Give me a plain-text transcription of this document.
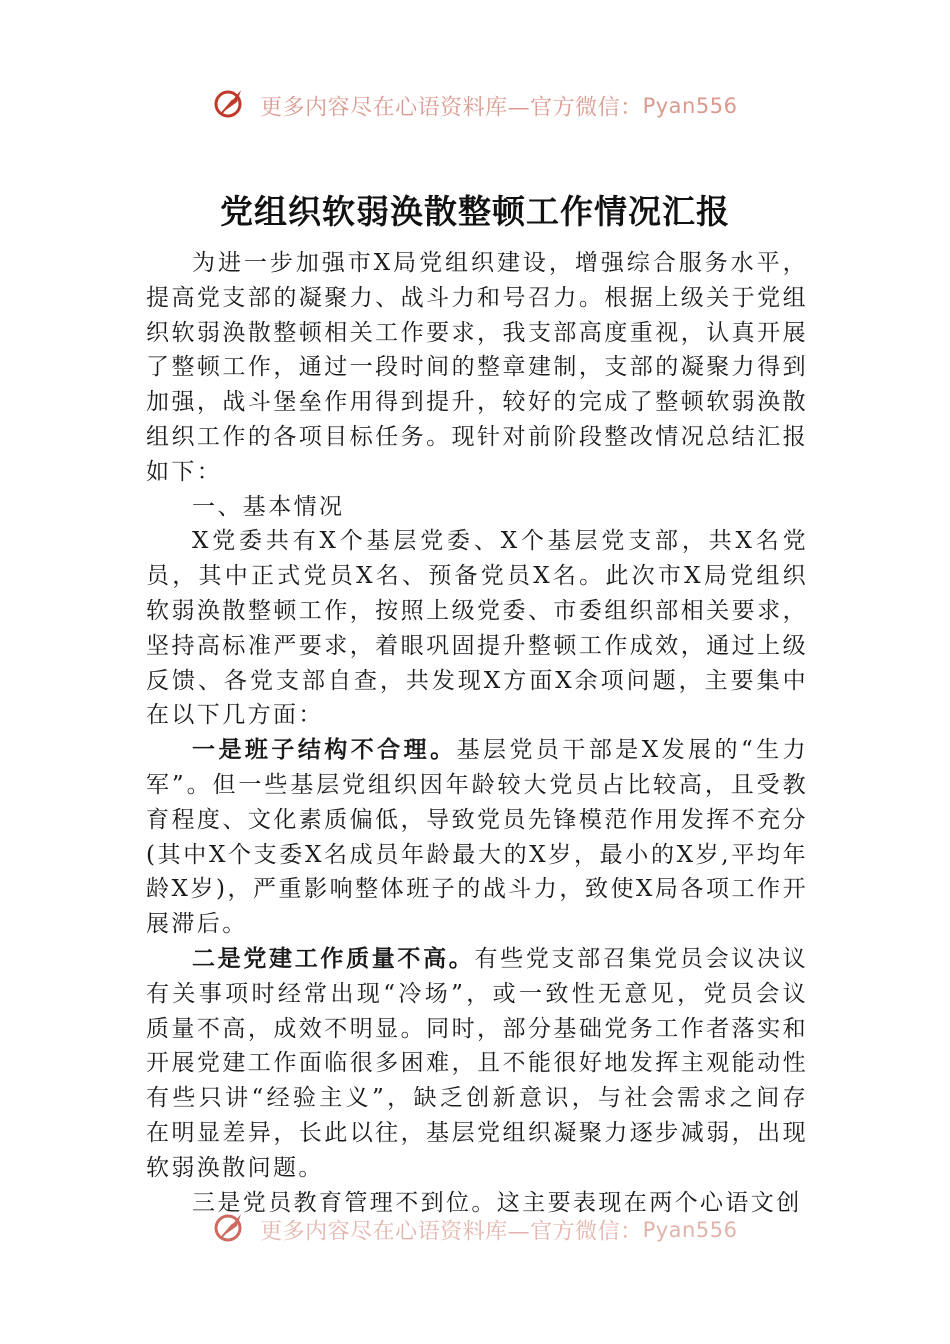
更多内容尽在心语资料库—官方微信：Pyan556
党组织软弱涣散整顿工作情况汇报

为进一步加强市X局党组织建设，增强综合服务水平，提高党支部的凝聚力、战斗力和号召力。根据上级关于党组织软弱涣散整顿相关工作要求，我支部高度重视，认真开展了整顿工作，通过一段时间的整章建制，支部的凝聚力得到加强，战斗堡垒作用得到提升，较好的完成了整顿软弱涣散组织工作的各项目标任务。现针对前阶段整改情况总结汇报如下：

一、基本情况

X党委共有X个基层党委、X个基层党支部，共X名党员，其中正式党员X名、预备党员X名。此次市X局党组织软弱涣散整顿工作，按照上级党委、市委组织部相关要求，坚持高标准严要求，着眼巩固提升整顿工作成效，通过上级反馈、各党支部自查，共发现X方面X余项问题，主要集中在以下几方面：

一是班子结构不合理。基层党员干部是X发展的“生力军”。但一些基层党组织因年龄较大党员占比较高，且受教育程度、文化素质偏低，导致党员先锋模范作用发挥不充分(其中X个支委X名成员年龄最大的X岁，最小的X岁,平均年龄X岁)，严重影响整体班子的战斗力，致使X局各项工作开展滞后。

二是党建工作质量不高。有些党支部召集党员会议决议有关事项时经常出现“冷场”，或一致性无意见，党员会议质量不高，成效不明显。同时，部分基础党务工作者落实和开展党建工作面临很多困难，且不能很好地发挥主观能动性有些只讲“经验主义”，缺乏创新意识，与社会需求之间存在明显差异，长此以往，基层党组织凝聚力逐步减弱，出现软弱涣散问题。

三是党员教育管理不到位。这主要表现在两个心语文创

更多内容尽在心语资料库—官方微信：Pyan556
